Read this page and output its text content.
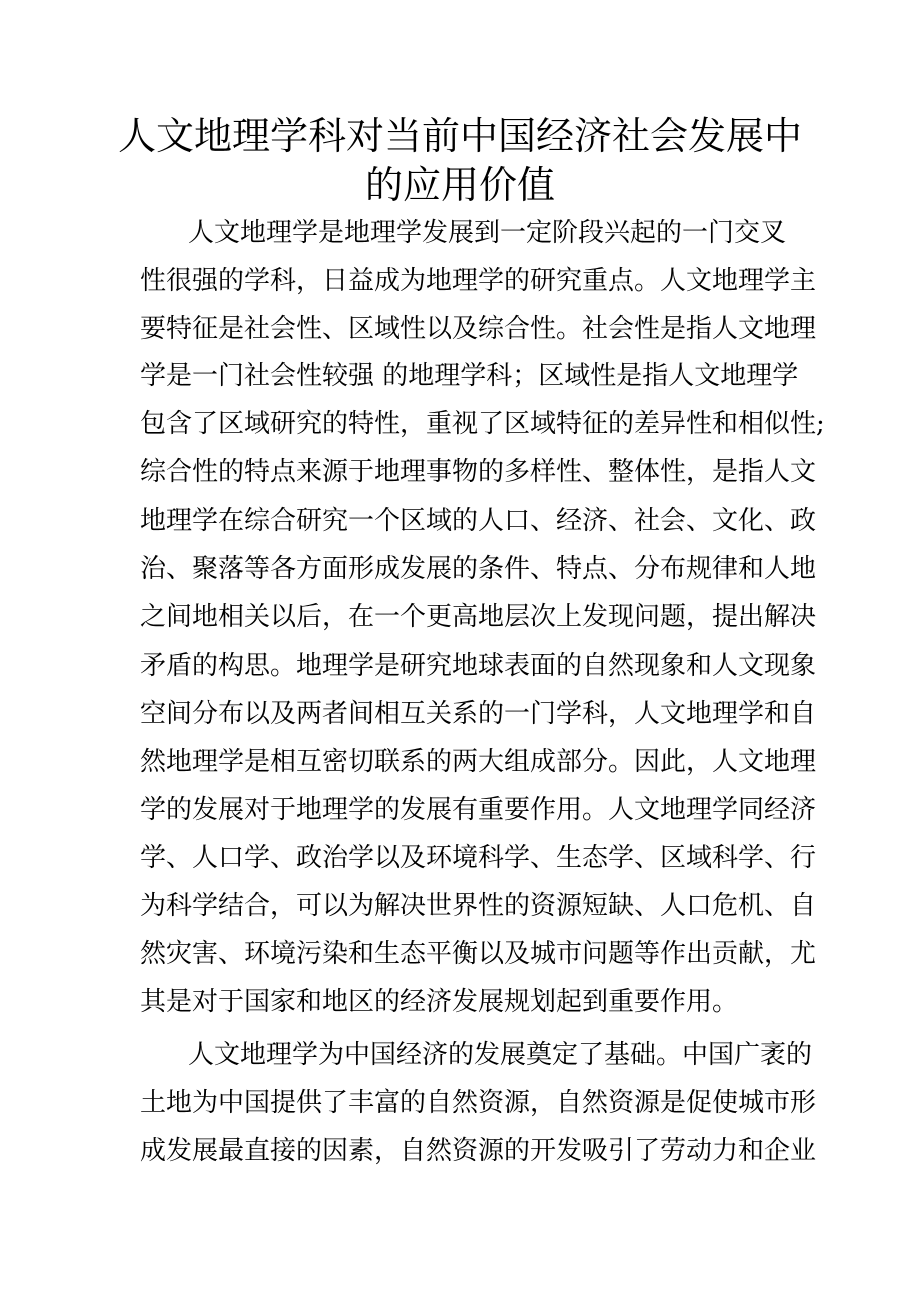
人文地理学科对当前中国经济社会发展中
的应用价值
人文地理学是地理学发展到一定阶段兴起的一门交叉
性很强的学科，日益成为地理学的研究重点。人文地理学主
要特征是社会性、区域性以及综合性。社会性是指人文地理
学是一门社会性较强 的地理学科；区域性是指人文地理学
包含了区域研究的特性，重视了区域特征的差异性和相似性;
综合性的特点来源于地理事物的多样性、整体性，是指人文
地理学在综合研究一个区域的人口、经济、社会、文化、政
治、聚落等各方面形成发展的条件、特点、分布规律和人地
之间地相关以后，在一个更高地层次上发现问题，提出解决
矛盾的构思。地理学是研究地球表面的自然现象和人文现象
空间分布以及两者间相互关系的一门学科，人文地理学和自
然地理学是相互密切联系的两大组成部分。因此，人文地理
学的发展对于地理学的发展有重要作用。人文地理学同经济
学、人口学、政治学以及环境科学、生态学、区域科学、行
为科学结合，可以为解决世界性的资源短缺、人口危机、自
然灾害、环境污染和生态平衡以及城市问题等作出贡献，尤
其是对于国家和地区的经济发展规划起到重要作用。
人文地理学为中国经济的发展奠定了基础。中国广袤的
土地为中国提供了丰富的自然资源，自然资源是促使城市形
成发展最直接的因素，自然资源的开发吸引了劳动力和企业
